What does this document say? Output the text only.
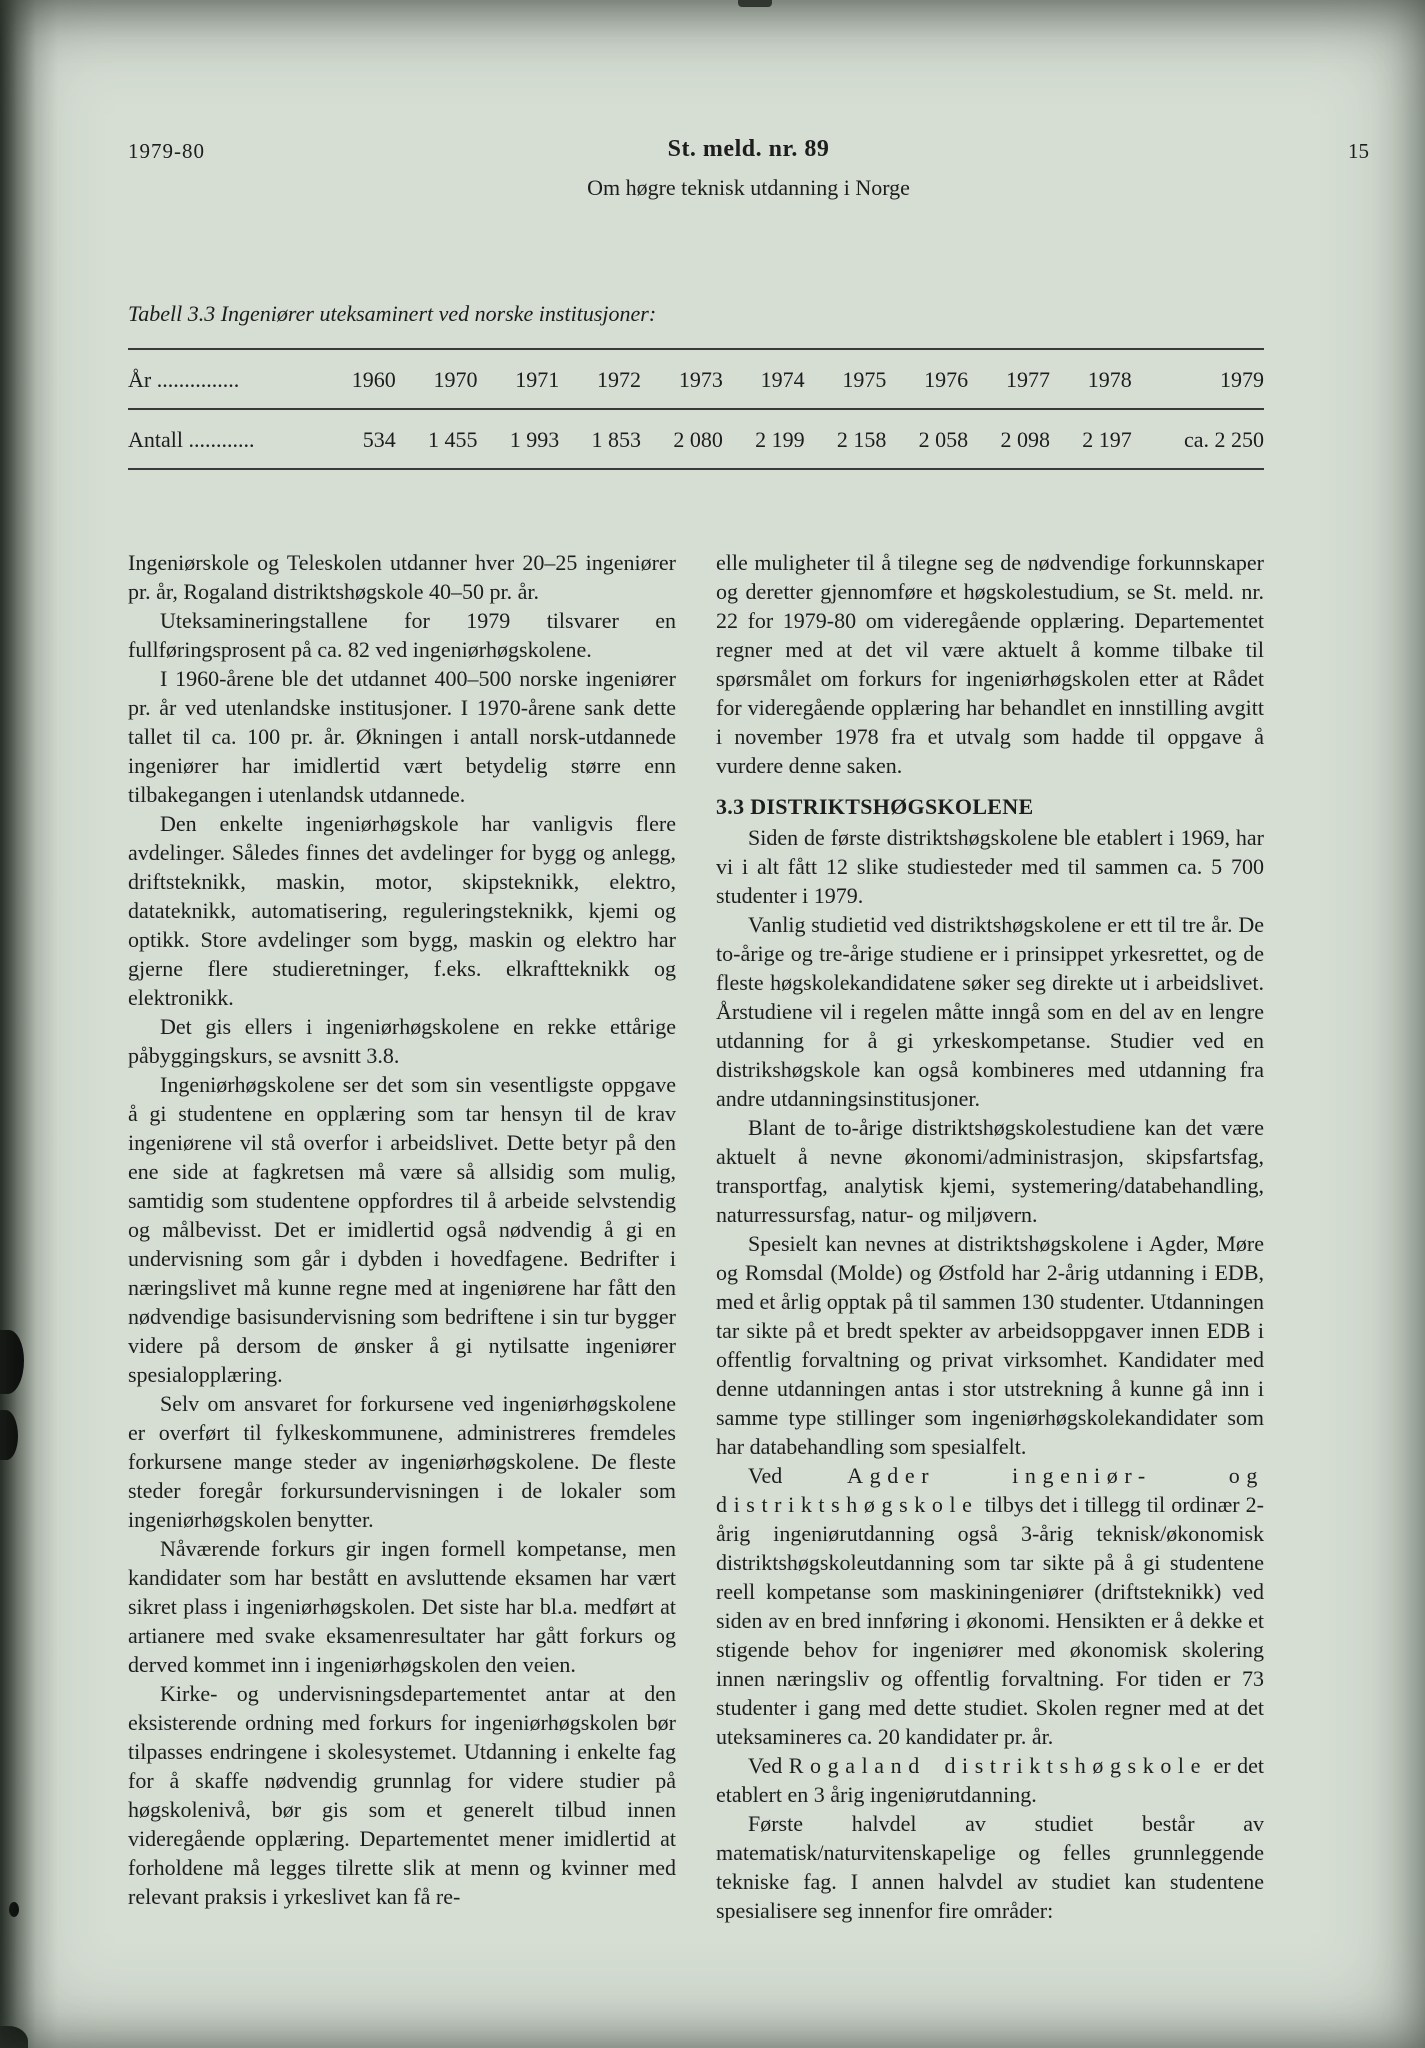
1979-80	St. meld. nr. 89	15
Om høgre teknisk utdanning i Norge
Tabell 3.3 Ingeniører uteksaminert ved norske institusjoner:
År ...............	1960	1970	1971	1972	1973	1974	1975	1976	1977	1978	1979
Antall ............	534	1 455	1 993	1 853	2 080	2 199	2 158	2 058	2 098	2 197	ca. 2 250

Ingeniørskole og Teleskolen utdanner hver 20–25 ingeniører pr. år, Rogaland distriktshøgskole 40–50 pr. år.

Uteksamineringstallene for 1979 tilsvarer en fullføringsprosent på ca. 82 ved ingeniørhøgskolene.

I 1960-årene ble det utdannet 400–500 norske ingeniører pr. år ved utenlandske institusjoner. I 1970-årene sank dette tallet til ca. 100 pr. år. Økningen i antall norsk-utdannede ingeniører har imidlertid vært betydelig større enn tilbakegangen i utenlandsk utdannede.

Den enkelte ingeniørhøgskole har vanligvis flere avdelinger. Således finnes det avdelinger for bygg og anlegg, driftsteknikk, maskin, motor, skipsteknikk, elektro, datateknikk, automatisering, reguleringsteknikk, kjemi og optikk. Store avdelinger som bygg, maskin og elektro har gjerne flere studieretninger, f.eks. elkraftteknikk og elektronikk.

Det gis ellers i ingeniørhøgskolene en rekke ettårige påbyggingskurs, se avsnitt 3.8.

Ingeniørhøgskolene ser det som sin vesentligste oppgave å gi studentene en opplæring som tar hensyn til de krav ingeniørene vil stå overfor i arbeidslivet. Dette betyr på den ene side at fagkretsen må være så allsidig som mulig, samtidig som studentene oppfordres til å arbeide selvstendig og målbevisst. Det er imidlertid også nødvendig å gi en undervisning som går i dybden i hovedfagene. Bedrifter i næringslivet må kunne regne med at ingeniørene har fått den nødvendige basisundervisning som bedriftene i sin tur bygger videre på dersom de ønsker å gi nytilsatte ingeniører spesialopplæring.

Selv om ansvaret for forkursene ved ingeniørhøgskolene er overført til fylkeskommunene, administreres fremdeles forkursene mange steder av ingeniørhøgskolene. De fleste steder foregår forkursundervisningen i de lokaler som ingeniørhøgskolen benytter.

Nåværende forkurs gir ingen formell kompetanse, men kandidater som har bestått en avsluttende eksamen har vært sikret plass i ingeniørhøgskolen. Det siste har bl.a. medført at artianere med svake eksamenresultater har gått forkurs og derved kommet inn i ingeniørhøgskolen den veien.

Kirke- og undervisningsdepartementet antar at den eksisterende ordning med forkurs for ingeniørhøgskolen bør tilpasses endringene i skolesystemet. Utdanning i enkelte fag for å skaffe nødvendig grunnlag for videre studier på høgskolenivå, bør gis som et generelt tilbud innen videregående opplæring. Departementet mener imidlertid at forholdene må legges tilrette slik at menn og kvinner med relevant praksis i yrkeslivet kan få re-

elle muligheter til å tilegne seg de nødvendige forkunnskaper og deretter gjennomføre et høgskolestudium, se St. meld. nr. 22 for 1979-80 om videregående opplæring. Departementet regner med at det vil være aktuelt å komme tilbake til spørsmålet om forkurs for ingeniørhøgskolen etter at Rådet for videregående opplæring har behandlet en innstilling avgitt i november 1978 fra et utvalg som hadde til oppgave å vurdere denne saken.

3.3 DISTRIKTSHØGSKOLENE

Siden de første distriktshøgskolene ble etablert i 1969, har vi i alt fått 12 slike studiesteder med til sammen ca. 5 700 studenter i 1979.

Vanlig studietid ved distriktshøgskolene er ett til tre år. De to-årige og tre-årige studiene er i prinsippet yrkesrettet, og de fleste høgskolekandidatene søker seg direkte ut i arbeidslivet. Årstudiene vil i regelen måtte inngå som en del av en lengre utdanning for å gi yrkeskompetanse. Studier ved en distrikshøgskole kan også kombineres med utdanning fra andre utdanningsinstitusjoner.

Blant de to-årige distriktshøgskolestudiene kan det være aktuelt å nevne økonomi/administrasjon, skipsfartsfag, transportfag, analytisk kjemi, systemering/databehandling, naturressursfag, natur- og miljøvern.

Spesielt kan nevnes at distriktshøgskolene i Agder, Møre og Romsdal (Molde) og Østfold har 2-årig utdanning i EDB, med et årlig opptak på til sammen 130 studenter. Utdanningen tar sikte på et bredt spekter av arbeidsoppgaver innen EDB i offentlig forvaltning og privat virksomhet. Kandidater med denne utdanningen antas i stor utstrekning å kunne gå inn i samme type stillinger som ingeniørhøgskolekandidater som har databehandling som spesialfelt.

Ved Agder ingeniør- og distriktshøgskole tilbys det i tillegg til ordinær 2-årig ingeniørutdanning også 3-årig teknisk/økonomisk distriktshøgskoleutdanning som tar sikte på å gi studentene reell kompetanse som maskiningeniører (driftsteknikk) ved siden av en bred innføring i økonomi. Hensikten er å dekke et stigende behov for ingeniører med økonomisk skolering innen næringsliv og offentlig forvaltning. For tiden er 73 studenter i gang med dette studiet. Skolen regner med at det uteksamineres ca. 20 kandidater pr. år.

Ved Rogaland distriktshøgskole er det etablert en 3 årig ingeniørutdanning.

Første halvdel av studiet består av matematisk/naturvitenskapelige og felles grunnleggende tekniske fag. I annen halvdel av studiet kan studentene spesialisere seg innenfor fire områder:
